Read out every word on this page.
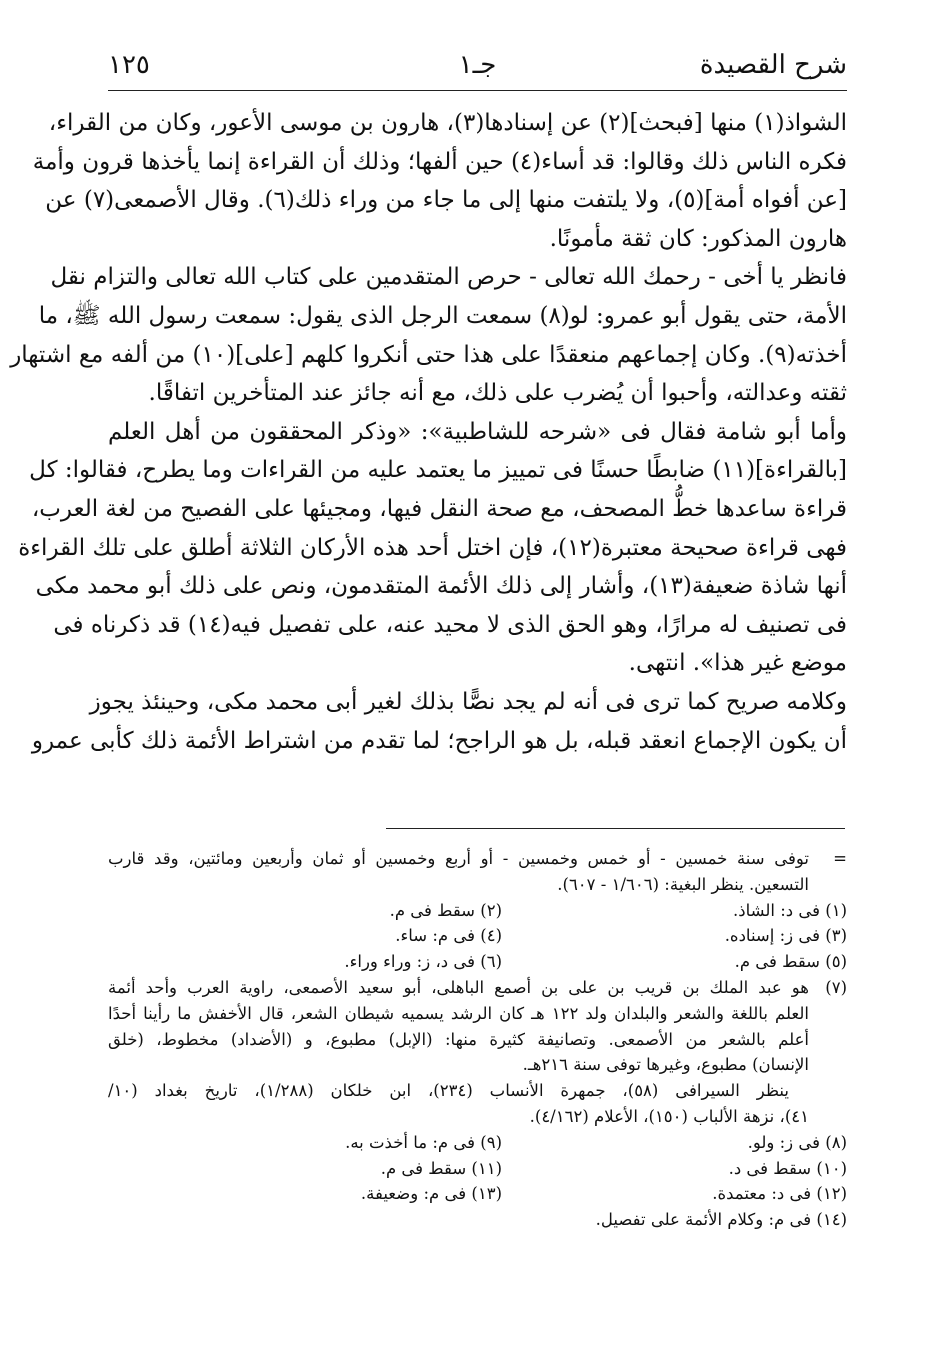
شرح القصيدة
جـ١
١٢٥
الشواذ(١) منها [فبحث](٢) عن إسنادها(٣)، هارون بن موسى الأعور، وكان من القراء،
فكره الناس ذلك وقالوا: قد أساء(٤) حين ألفها؛ وذلك أن القراءة إنما يأخذها قرون وأمة
[عن أفواه أمة](٥)، ولا يلتفت منها إلى ما جاء من وراء ذلك(٦). وقال الأصمعى(٧) عن
هارون المذكور: كان ثقة مأمونًا.
فانظر يا أخى - رحمك الله تعالى - حرص المتقدمين على كتاب الله تعالى والتزام نقل
الأمة، حتى يقول أبو عمرو: لو(٨) سمعت الرجل الذى يقول: سمعت رسول الله ﷺ، ما
أخذته(٩). وكان إجماعهم منعقدًا على هذا حتى أنكروا كلهم [على](١٠) من ألفه مع اشتهار
ثقته وعدالته، وأحبوا أن يُضرب على ذلك، مع أنه جائز عند المتأخرين اتفاقًا.
وأما أبو شامة فقال فى «شرحه للشاطبية»: «وذكر المحققون من أهل العلم
[بالقراءة](١١) ضابطًا حسنًا فى تمييز ما يعتمد عليه من القراءات وما يطرح، فقالوا: كل
قراءة ساعدها خطُّ المصحف، مع صحة النقل فيها، ومجيئها على الفصيح من لغة العرب،
فهى قراءة صحيحة معتبرة(١٢)، فإن اختل أحد هذه الأركان الثلاثة أطلق على تلك القراءة
أنها شاذة ضعيفة(١٣)، وأشار إلى ذلك الأئمة المتقدمون، ونص على ذلك أبو محمد مكى
فى تصنيف له مرارًا، وهو الحق الذى لا محيد عنه، على تفصيل فيه(١٤) قد ذكرناه فى
موضع غير هذا». انتهى.
وكلامه صريح كما ترى فى أنه لم يجد نصًّا بذلك لغير أبى محمد مكى، وحينئذ يجوز
أن يكون الإجماع انعقد قبله، بل هو الراجح؛ لما تقدم من اشتراط الأئمة ذلك كأبى عمرو
=
توفى سنة خمسين - أو خمس وخمسين - أو أربع وخمسين أو ثمان وأربعين ومائتين، وقد قارب
التسعين. ينظر البغية: (١/٦٠٦ - ٦٠٧).
(١) فى د: الشاذ.
(٢) سقط فى م.
(٣) فى ز: إسناده.
(٤) فى م: ساء.
(٥) سقط فى م.
(٦) فى د، ز: وراء وراء.
(٧)
هو عبد الملك بن قريب بن على بن أصمع الباهلى، أبو سعيد الأصمعى، راوية العرب وأحد أئمة
العلم باللغة والشعر والبلدان ولد ١٢٢ هـ كان الرشد يسميه شيطان الشعر، قال الأخفش ما رأينا أحدًا
أعلم بالشعر من الأصمعى. وتصانيفة كثيرة منها: (الإبل) مطبوع، و (الأضداد) مخطوط، (خلق
الإنسان) مطبوع، وغيرها توفى سنة ٢١٦هـ.
ينظر السيرافى (٥٨)، جمهرة الأنساب (٢٣٤)، ابن خلكان (١/٢٨٨)، تاريخ بغداد (١٠/
٤١)، نزهة الألباب (١٥٠)، الأعلام (٤/١٦٢).
(٨) فى ز: ولو.
(٩) فى م: ما أخذت به.
(١٠) سقط فى د.
(١١) سقط فى م.
(١٢) فى د: معتمدة.
(١٣) فى م: وضعيفة.
(١٤) فى م: وكلام الأئمة على تفصيل.
